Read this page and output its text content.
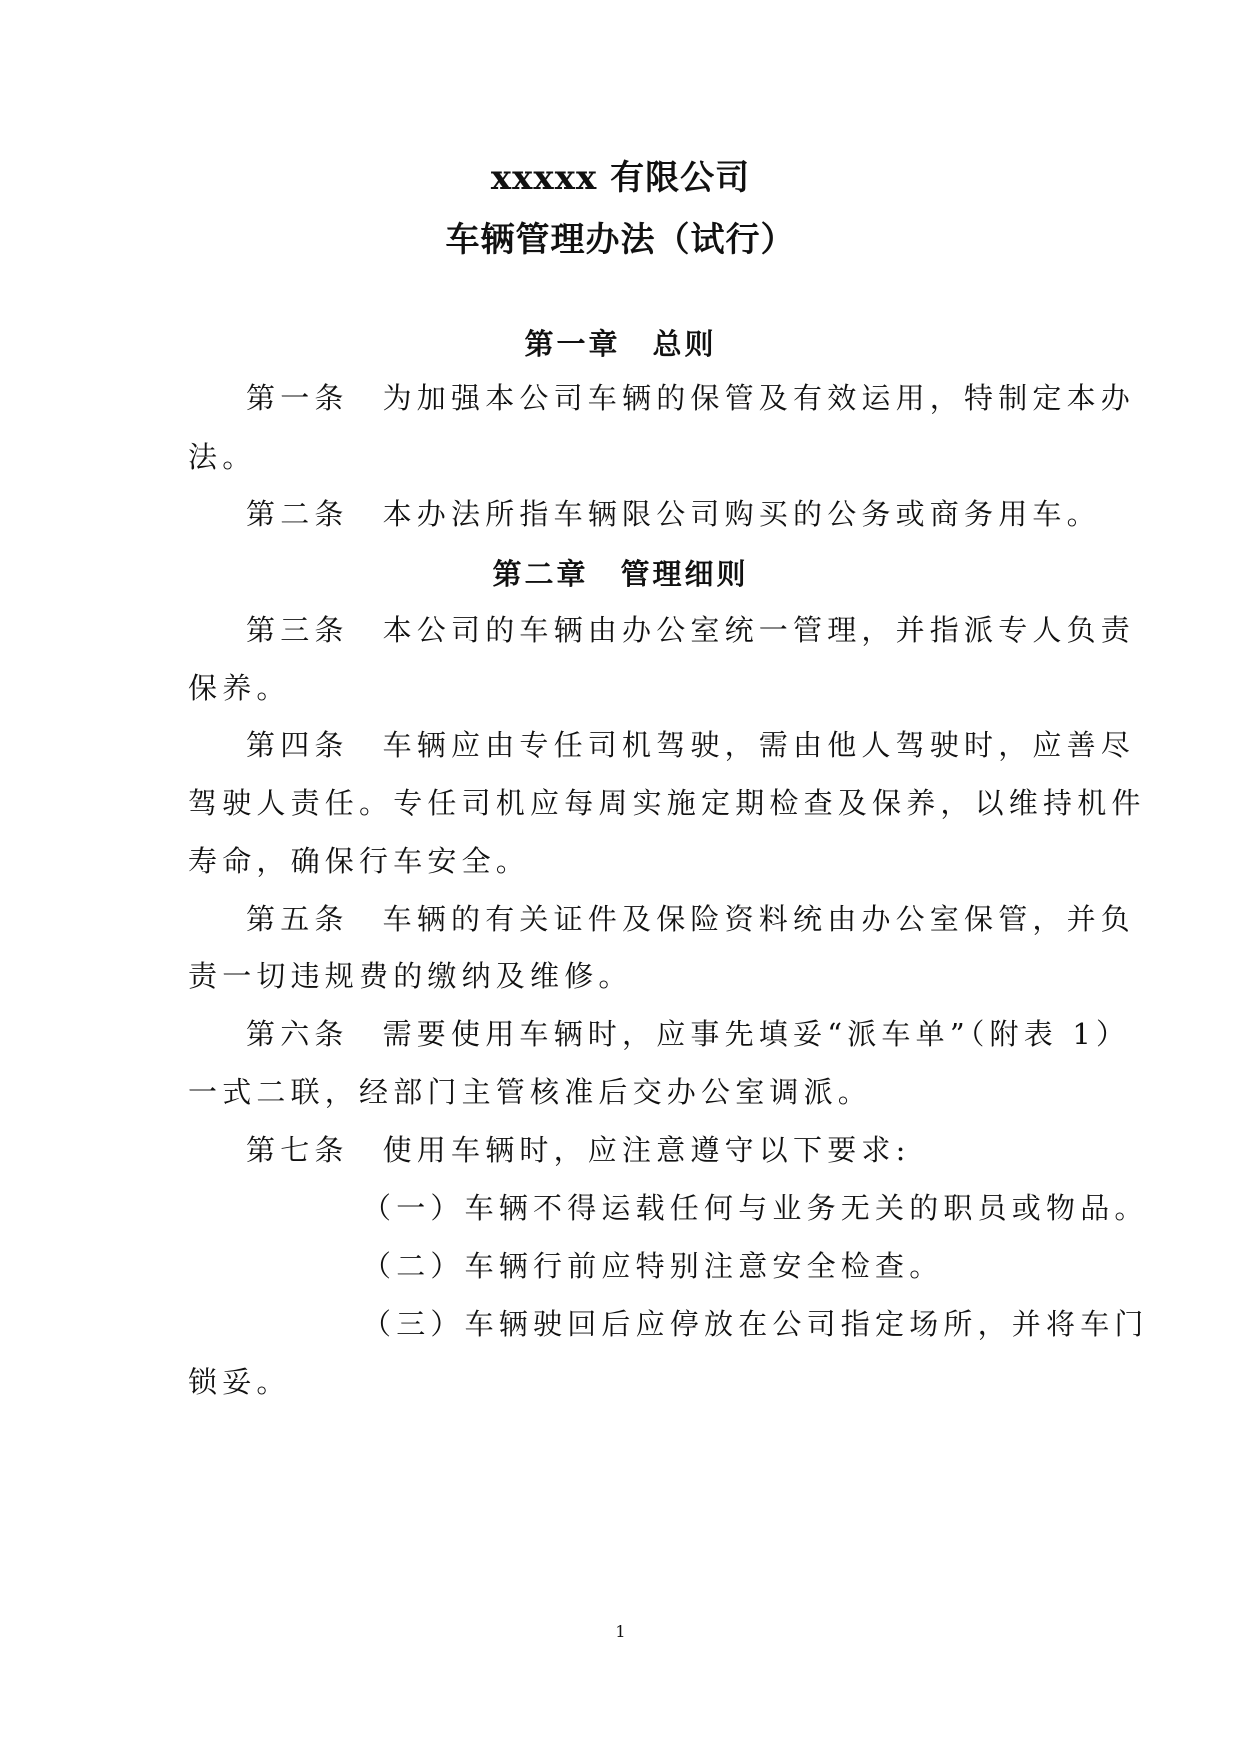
xxxxx 有限公司
车辆管理办法（试行）
第一章　总则
第一条 为加强本公司车辆的保管及有效运用，特制定本办
法。
第二条 本办法所指车辆限公司购买的公务或商务用车。
第二章　管理细则
第三条 本公司的车辆由办公室统一管理，并指派专人负责
保养。
第四条 车辆应由专任司机驾驶，需由他人驾驶时，应善尽
驾驶人责任。专任司机应每周实施定期检查及保养，以维持机件
寿命，确保行车安全。
第五条 车辆的有关证件及保险资料统由办公室保管，并负
责一切违规费的缴纳及维修。
第六条 需要使用车辆时，应事先填妥“派车单”（附表 1）
一式二联，经部门主管核准后交办公室调派。
第七条 使用车辆时，应注意遵守以下要求:
（一）车辆不得运载任何与业务无关的职员或物品。
（二）车辆行前应特别注意安全检查。
（三）车辆驶回后应停放在公司指定场所，并将车门
锁妥。
1
